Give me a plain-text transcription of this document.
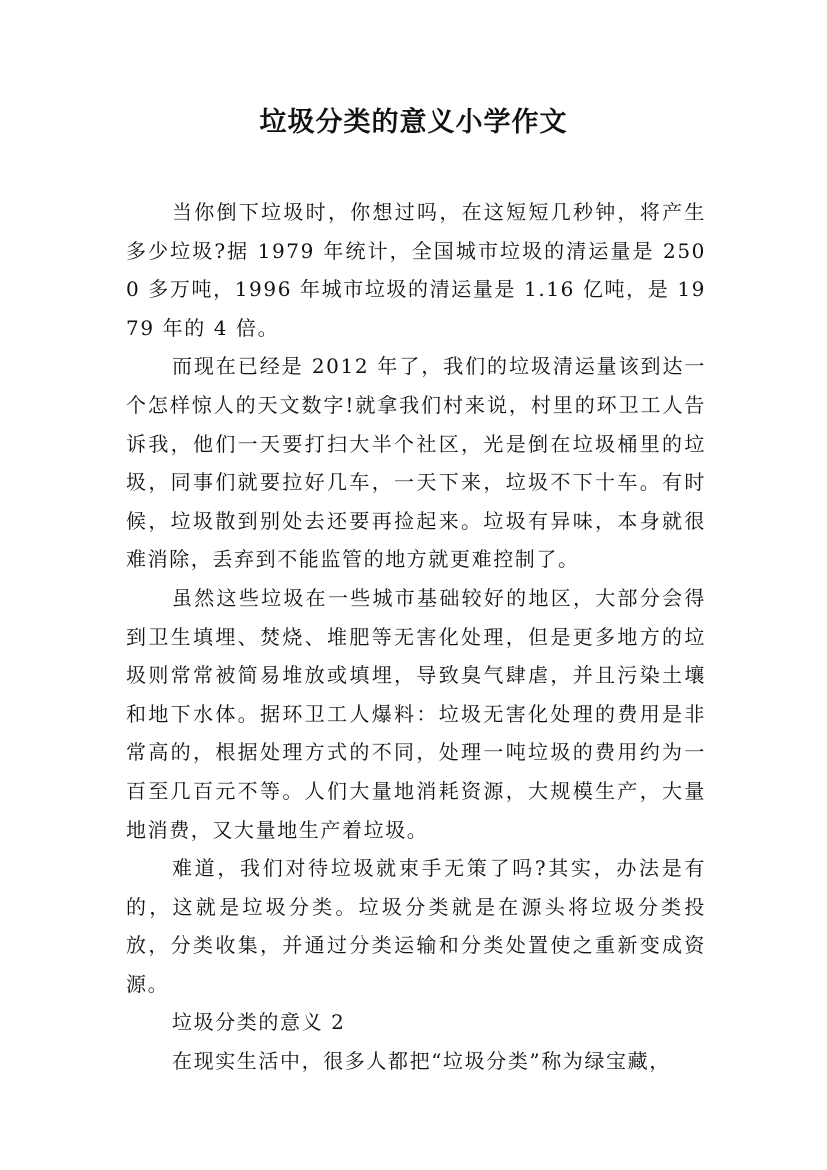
垃圾分类的意义小学作文

当你倒下垃圾时，你想过吗，在这短短几秒钟，将产生多少垃圾?据 1979 年统计，全国城市垃圾的清运量是 2500 多万吨，1996 年城市垃圾的清运量是 1.16 亿吨，是 1979 年的 4 倍。

而现在已经是 2012 年了，我们的垃圾清运量该到达一个怎样惊人的天文数字!就拿我们村来说，村里的环卫工人告诉我，他们一天要打扫大半个社区，光是倒在垃圾桶里的垃圾，同事们就要拉好几车，一天下来，垃圾不下十车。有时候，垃圾散到别处去还要再捡起来。垃圾有异味，本身就很难消除，丢弃到不能监管的地方就更难控制了。

虽然这些垃圾在一些城市基础较好的地区，大部分会得到卫生填埋、焚烧、堆肥等无害化处理，但是更多地方的垃圾则常常被简易堆放或填埋，导致臭气肆虐，并且污染土壤和地下水体。据环卫工人爆料：垃圾无害化处理的费用是非常高的，根据处理方式的不同，处理一吨垃圾的费用约为一百至几百元不等。人们大量地消耗资源，大规模生产，大量地消费，又大量地生产着垃圾。

难道，我们对待垃圾就束手无策了吗?其实，办法是有的，这就是垃圾分类。垃圾分类就是在源头将垃圾分类投放，分类收集，并通过分类运输和分类处置使之重新变成资源。

垃圾分类的意义 2

在现实生活中，很多人都把“垃圾分类”称为绿宝藏，
